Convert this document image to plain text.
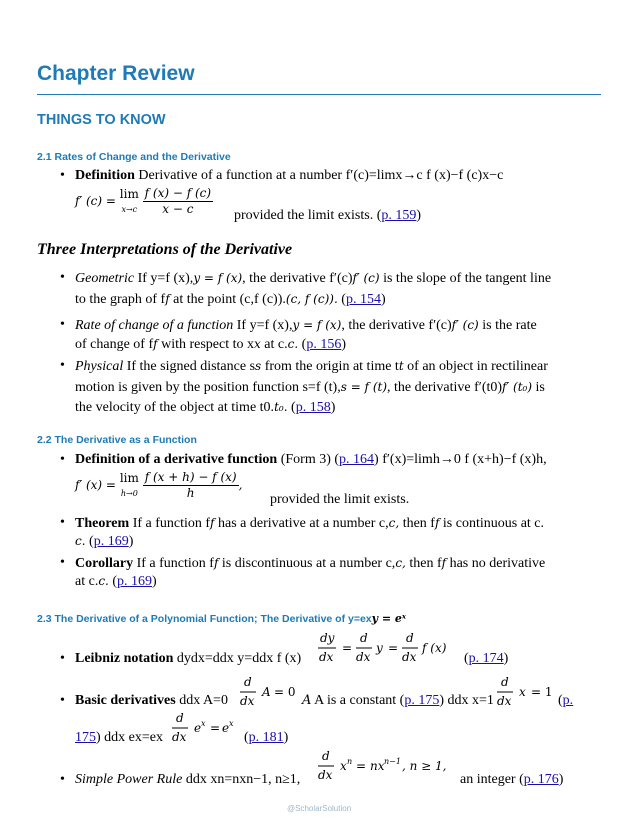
Chapter Review
THINGS TO KNOW
2.1 Rates of Change and the Derivative
• Definition Derivative of a function at a number f′(c)=limx→c f (x)−f (c)x−c
f′ (c) = lim
x→c
$\frac{f (x) - f (c)}{x - c}$ provided the limit exists. (p. 159)
Three Interpretations of the Derivative
• Geometric If y=f (x),y = f (x), the derivative f′(c)f′ (c) is the slope of the tangent line
to the graph of ff at the point (c,f (c)).(c, f (c)). (p. 154)
• Rate of change of a function If y=f (x),y = f (x), the derivative f′(c)f′ (c) is the rate
of change of ff with respect to xx at c.c. (p. 156)
• Physical If the signed distance ss from the origin at time tt of an object in rectilinear
motion is given by the position function s=f (t),s = f (t), the derivative f′(t0)f′ (t₀) is
the velocity of the object at time t0.t₀. (p. 158)
2.2 The Derivative as a Function
• Definition of a derivative function (Form 3) (p. 164) f′(x)=limh→0 f (x+h)−f (x)h,
f′ (x) = lim
h→0
$\frac{f (x + h) - f (x)}{h}$ ,
provided the limit exists.
• Theorem If a function ff has a derivative at a number c,c, then ff is continuous at c.
c. (p. 169)
• Corollary If a function ff is discontinuous at a number c,c, then ff has no derivative
at c.c. (p. 169)
2.3 The Derivative of a Polynomial Function; The Derivative of y=exy = eˣ
• Leibniz notation dydx=ddx y=ddx f (x)
dy
dx
=
d
dx
y =
d
dx
f (x)
(p. 174)
• Basic derivatives ddx A=0
d
dx
A = 0
A A is a constant (p. 175) ddx x=1
d
dx
x = 1
(p.
175) ddx ex=ex
d
dx
e x = e x
(p. 181)
• Simple Power Rule ddx xn=nxn−1, n≥1,
d
dx
x n = nx n−1 , n ≥ 1,
an integer (p. 176)
@ScholarSolution
